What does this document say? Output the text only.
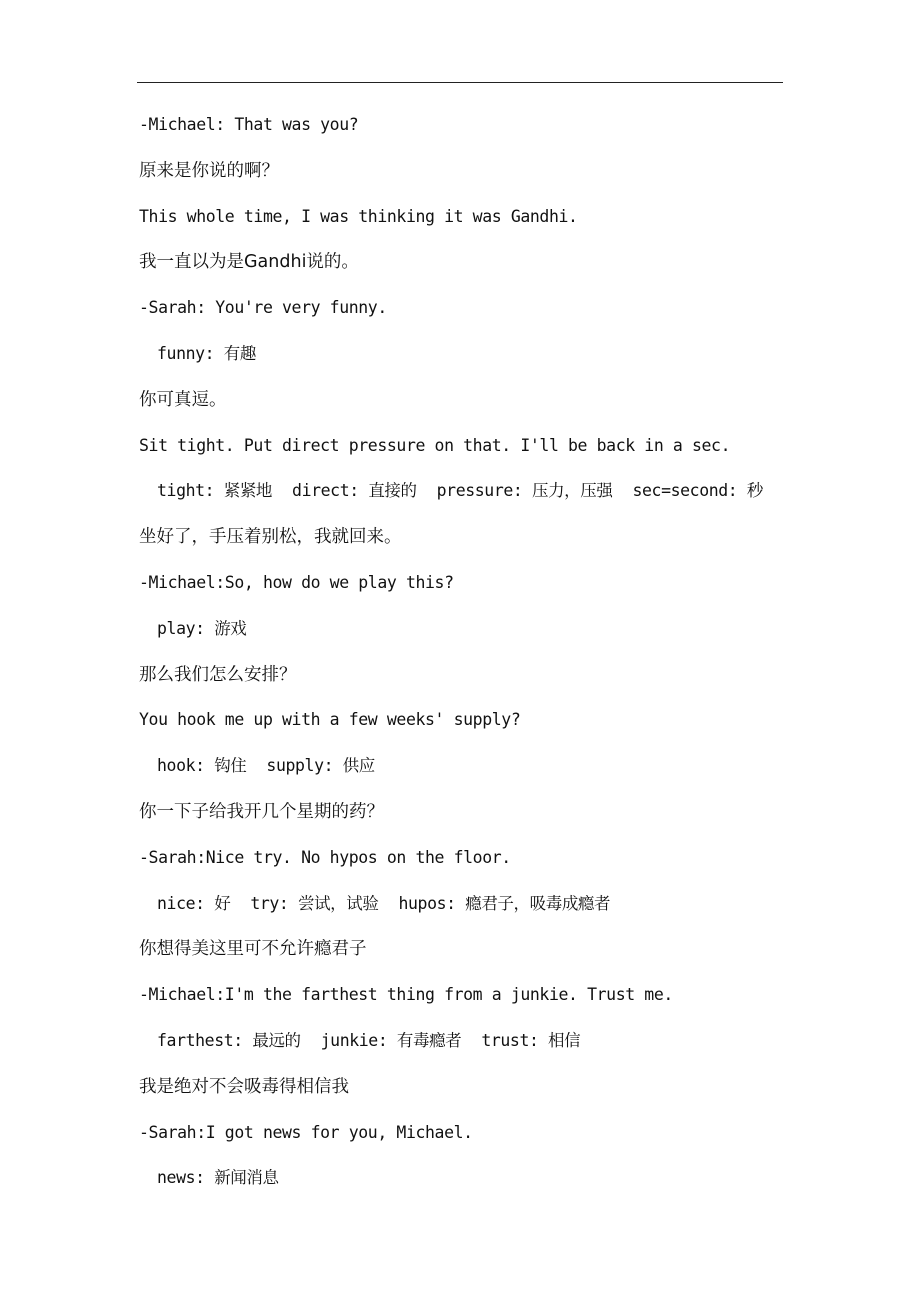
-Michael: That was you?
原来是你说的啊？
This whole time, I was thinking it was Gandhi.
我一直以为是Gandhi说的。
-Sarah: You're very funny.
funny: 有趣
你可真逗。
Sit tight. Put direct pressure on that. I'll be back in a sec.
tight: 紧紧地 direct: 直接的 pressure: 压力，压强 sec=second: 秒
坐好了，手压着别松，我就回来。
-Michael:So, how do we play this?
play: 游戏
那么我们怎么安排？
You hook me up with a few weeks' supply?
hook: 钩住 supply: 供应
你一下子给我开几个星期的药？
-Sarah:Nice try. No hypos on the floor.
nice: 好 try: 尝试，试验 hupos: 瘾君子，吸毒成瘾者
你想得美这里可不允许瘾君子
-Michael:I'm the farthest thing from a junkie. Trust me.
farthest: 最远的 junkie: 有毒瘾者 trust: 相信
我是绝对不会吸毒得相信我
-Sarah:I got news for you, Michael.
news: 新闻消息
